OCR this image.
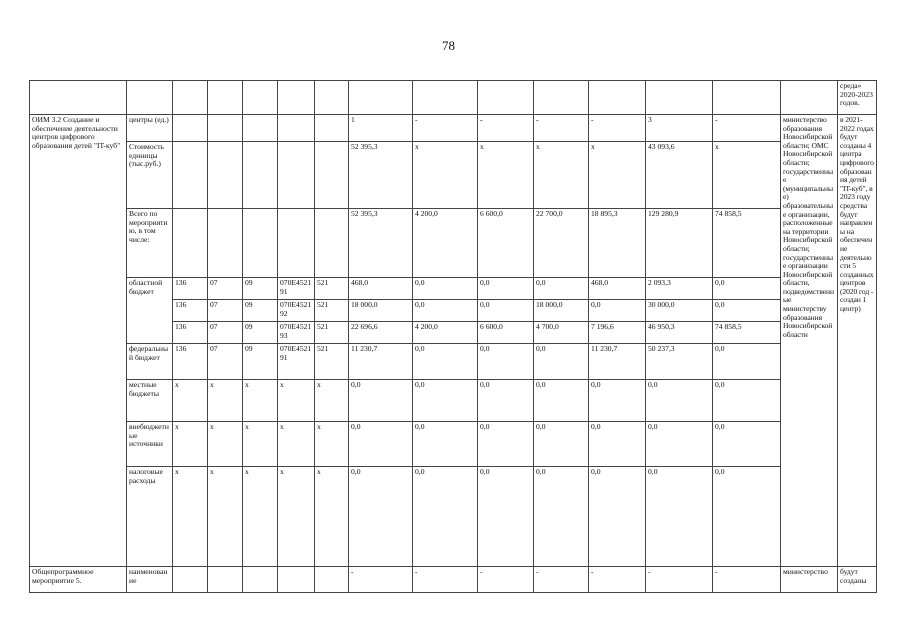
78
															среда» 2020-2023 годов.
ОИМ 3.2 Создание и обеспечение деятельности центров цифрового образования детей "IT-куб"	центры (ед.)						1	-	-	-	-	3	-	министерство образования Новосибирской области; ОМС Новосибирской области; государственные (муниципальные) образовательные организации, расположенные на территории Новосибирской области; государственные организации Новосибирской области, подведомственные министерству образования Новосибирской области	в 2021-2022 годах будут созданы 4 центра цифрового образования детей "IT-куб", в 2023 году средства будут направлены на обеспечение деятельности 5 созданных центров (2020 год - создан 1 центр)
	Стоимость единицы (тыс.руб.)						52 395,3	х	х	х	х	43 093,6	х		
	Всего по мероприятию, в том числе:						52 395,3	4 200,0	6 600,0	22 700,0	18 895,3	129 280,9	74 858,5		
	областной бюджет	136	07	09	070Е452191	521	468,0	0,0	0,0	0,0	468,0	2 093,3	0,0		
		136	07	09	070Е452192	521	18 000,0	0,0	0,0	18 000,0	0,0	30 000,0	0,0		
		136	07	09	070Е452193	521	22 696,6	4 200,0	6 600,0	4 700,0	7 196,6	46 950,3	74 858,5		
	федеральный бюджет	136	07	09	070Е452191	521	11 230,7	0,0	0,0	0,0	11 230,7	50 237,3	0,0		
	местные бюджеты	х	х	х	х	х	0,0	0,0	0,0	0,0	0,0	0,0	0,0		
	внебюджетные источники	х	х	х	х	х	0,0	0,0	0,0	0,0	0,0	0,0	0,0		
	налоговые расходы	х	х	х	х	х	0,0	0,0	0,0	0,0	0,0	0,0	0,0		
Общепрограммное мероприятие 5.	наименование						-	-	-	-	-	-	-	министерство	будут созданы
